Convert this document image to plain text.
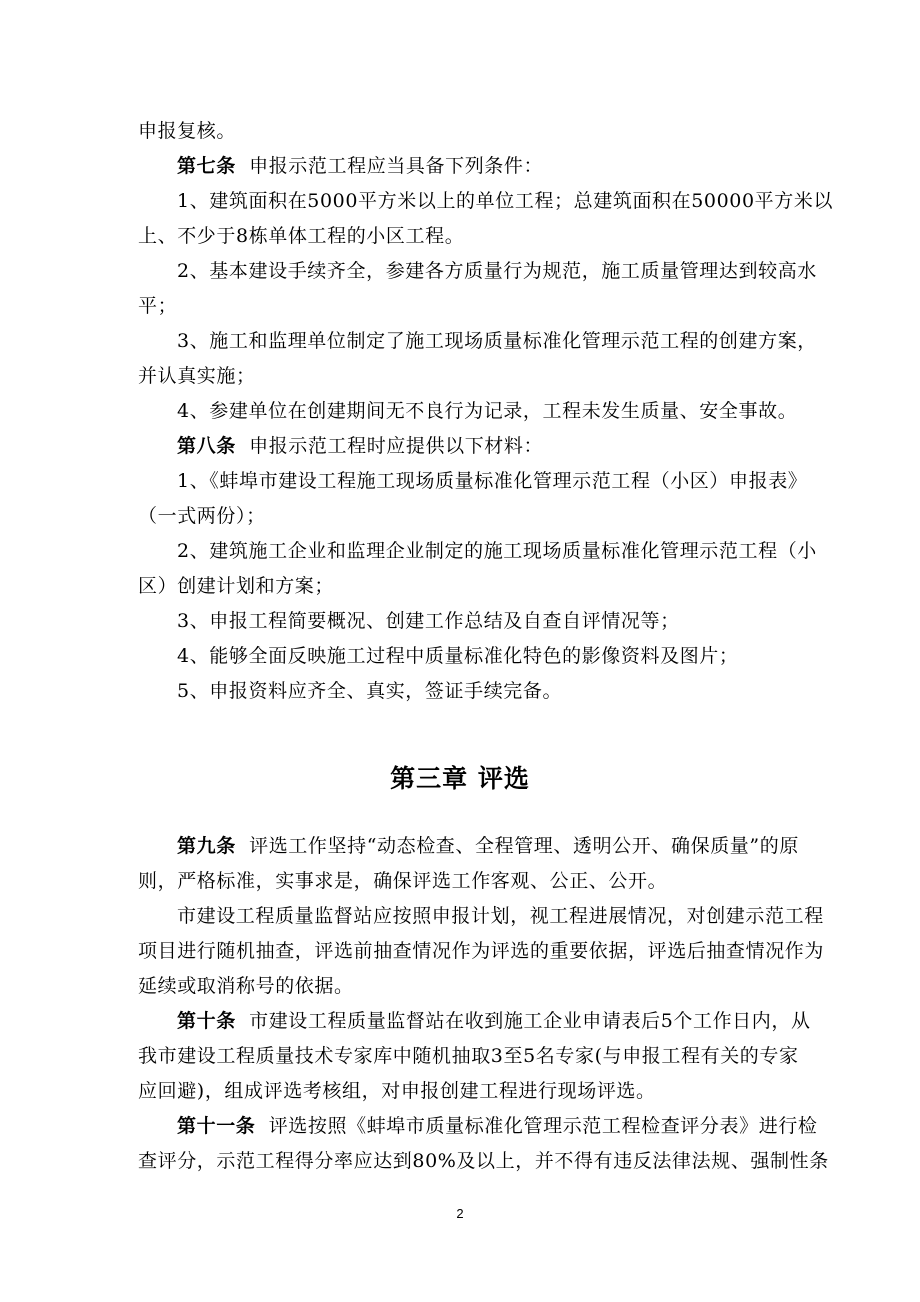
申报复核。
第七条 申报示范工程应当具备下列条件：
1、建筑面积在5000平方米以上的单位工程；总建筑面积在50000平方米以
上、不少于8栋单体工程的小区工程。
2、基本建设手续齐全，参建各方质量行为规范，施工质量管理达到较高水
平；
3、施工和监理单位制定了施工现场质量标准化管理示范工程的创建方案，
并认真实施；
4、参建单位在创建期间无不良行为记录，工程未发生质量、安全事故。
第八条 申报示范工程时应提供以下材料：
1、《蚌埠市建设工程施工现场质量标准化管理示范工程（小区）申报表》
（一式两份）；
2、建筑施工企业和监理企业制定的施工现场质量标准化管理示范工程（小
区）创建计划和方案；
3、申报工程简要概况、创建工作总结及自查自评情况等；
4、能够全面反映施工过程中质量标准化特色的影像资料及图片；
5、申报资料应齐全、真实，签证手续完备。
第三章 评选
第九条 评选工作坚持“动态检查、全程管理、透明公开、确保质量”的原
则，严格标准，实事求是，确保评选工作客观、公正、公开。
市建设工程质量监督站应按照申报计划，视工程进展情况，对创建示范工程
项目进行随机抽查，评选前抽查情况作为评选的重要依据，评选后抽查情况作为
延续或取消称号的依据。
第十条 市建设工程质量监督站在收到施工企业申请表后5个工作日内，从
我市建设工程质量技术专家库中随机抽取3至5名专家(与申报工程有关的专家
应回避)，组成评选考核组，对申报创建工程进行现场评选。
第十一条 评选按照《蚌埠市质量标准化管理示范工程检查评分表》进行检
查评分，示范工程得分率应达到80%及以上，并不得有违反法律法规、强制性条
2
